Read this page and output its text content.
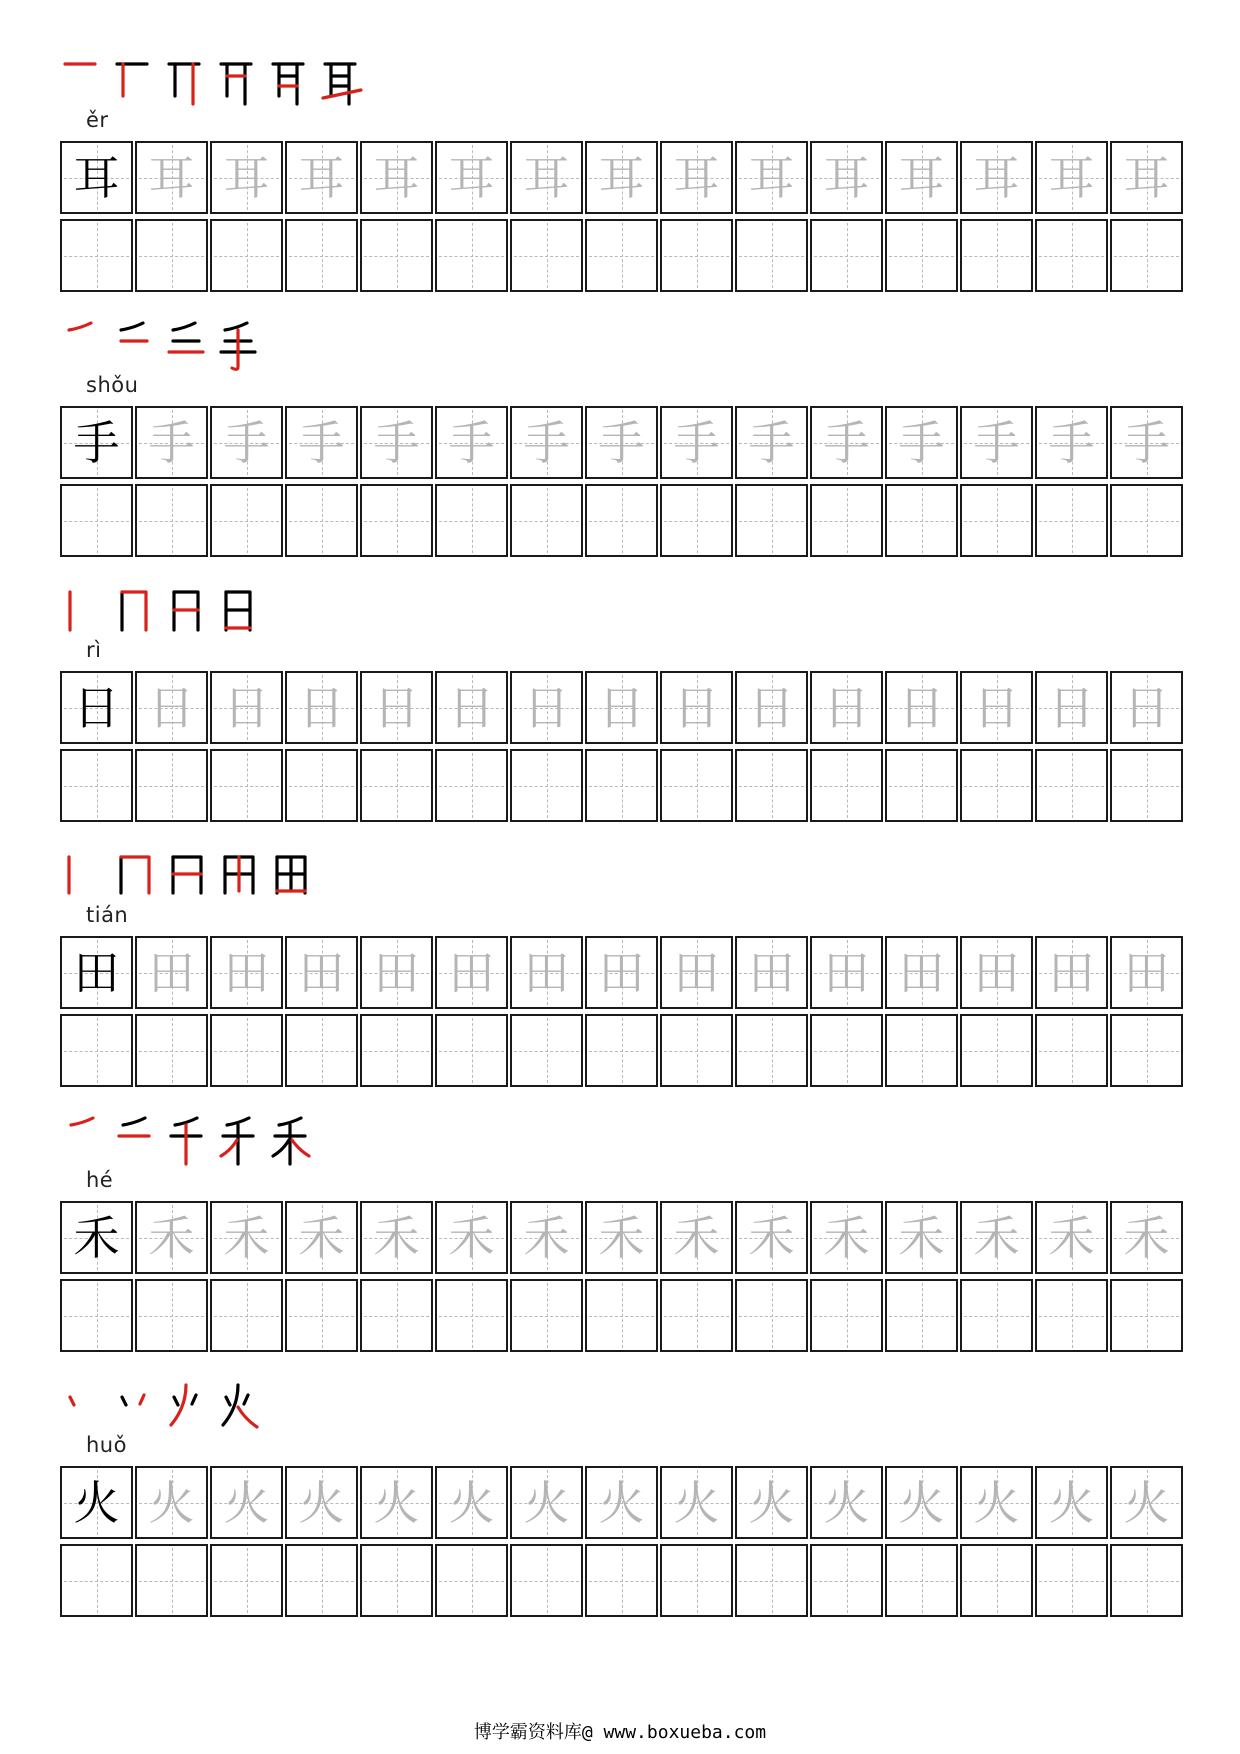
ěr
耳 耳 耳 耳 耳 耳 耳 耳 耳 耳 耳 耳 耳 耳 耳
shǒu
手 手 手 手 手 手 手 手 手 手 手 手 手 手 手
rì
日 日 日 日 日 日 日 日 日 日 日 日 日 日 日
tián
田 田 田 田 田 田 田 田 田 田 田 田 田 田 田
hé
禾 禾 禾 禾 禾 禾 禾 禾 禾 禾 禾 禾 禾 禾 禾
huǒ
火 火 火 火 火 火 火 火 火 火 火 火 火 火 火
博学霸资料库@ www.boxueba.com
